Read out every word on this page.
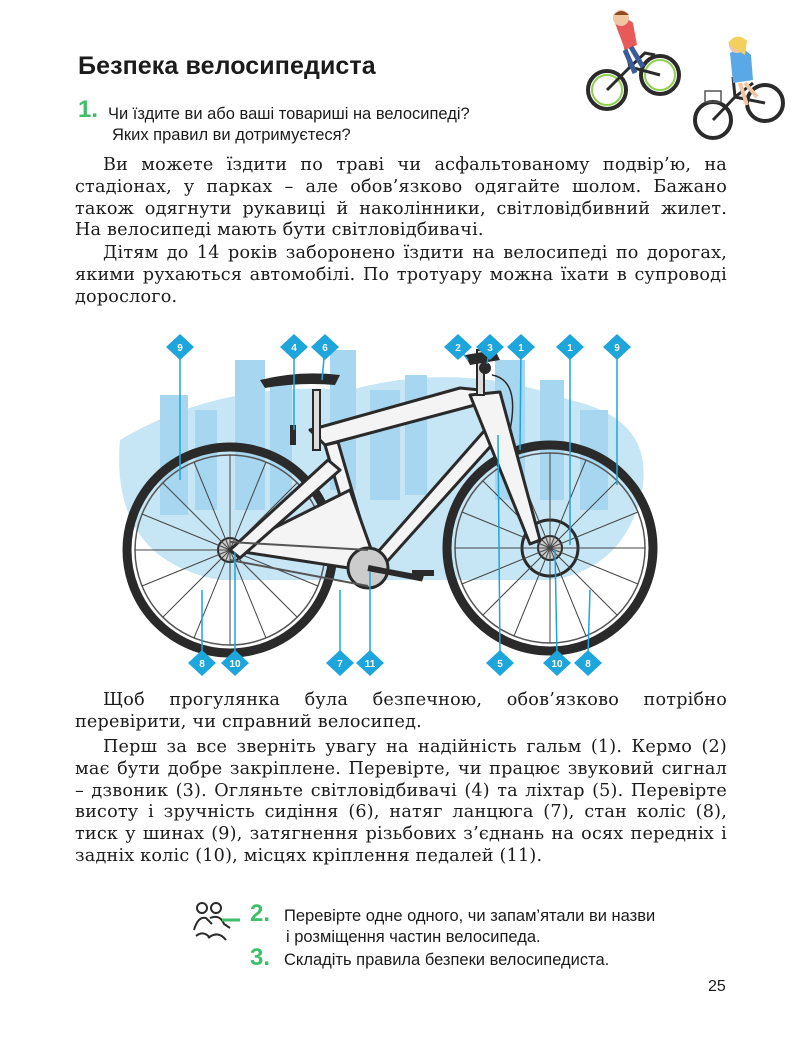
Безпека велосипедиста
1. Чи їздите ви або ваші товариші на велосипеді?
Яких правил ви дотримуєтеся?
Ви можете їздити по траві чи асфальтованому подвір’ю, на стадіонах, у парках – але обов’язково одягайте шолом. Бажано також одягнути рукавиці й наколінники, світловідбивний жилет. На велосипеді мають бути світловідбивачі.
Дітям до 14 років заборонено їздити на велосипеді по дорогах, якими рухаються автомобілі. По тротуару можна їхати в супроводі дорослого.
9	4	6	2	3	1	1	9
8 10	7 11	5	10 8
Щоб прогулянка була безпечною, обов’язково потрібно перевірити, чи справний велосипед.
Перш за все зверніть увагу на надійність гальм (1). Кермо (2) має бути добре закріплене. Перевірте, чи працює звуковий сигнал – дзвоник (3). Огляньте світловідбивачі (4) та ліхтар (5). Перевірте висоту і зручність сидіння (6), натяг ланцюга (7), стан коліс (8), тиск у шинах (9), затягнення різьбових з’єднань на осях передніх і задніх коліс (10), місцях кріплення педалей (11).
2. Перевірте одне одного, чи запам’ятали ви назви
і розміщення частин велосипеда.
3. Складіть правила безпеки велосипедиста.
25
